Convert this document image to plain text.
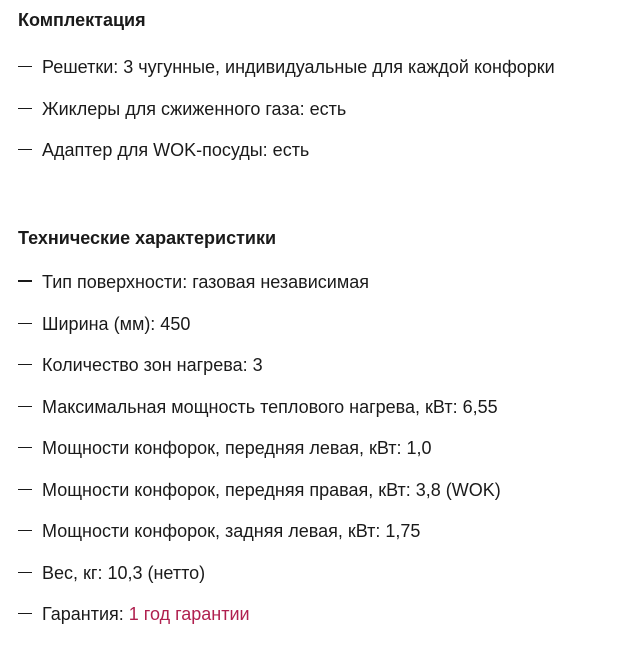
Комплектация
Решетки: 3 чугунные, индивидуальные для каждой конфорки
Жиклеры для сжиженного газа: есть
Адаптер для WOK-посуды: есть
Технические характеристики
Тип поверхности: газовая независимая
Ширина (мм): 450
Количество зон нагрева: 3
Максимальная мощность теплового нагрева, кВт: 6,55
Мощности конфорок, передняя левая, кВт: 1,0
Мощности конфорок, передняя правая, кВт: 3,8 (WOK)
Мощности конфорок, задняя левая, кВт: 1,75
Вес, кг: 10,3 (нетто)
Гарантия: 1 год гарантии
